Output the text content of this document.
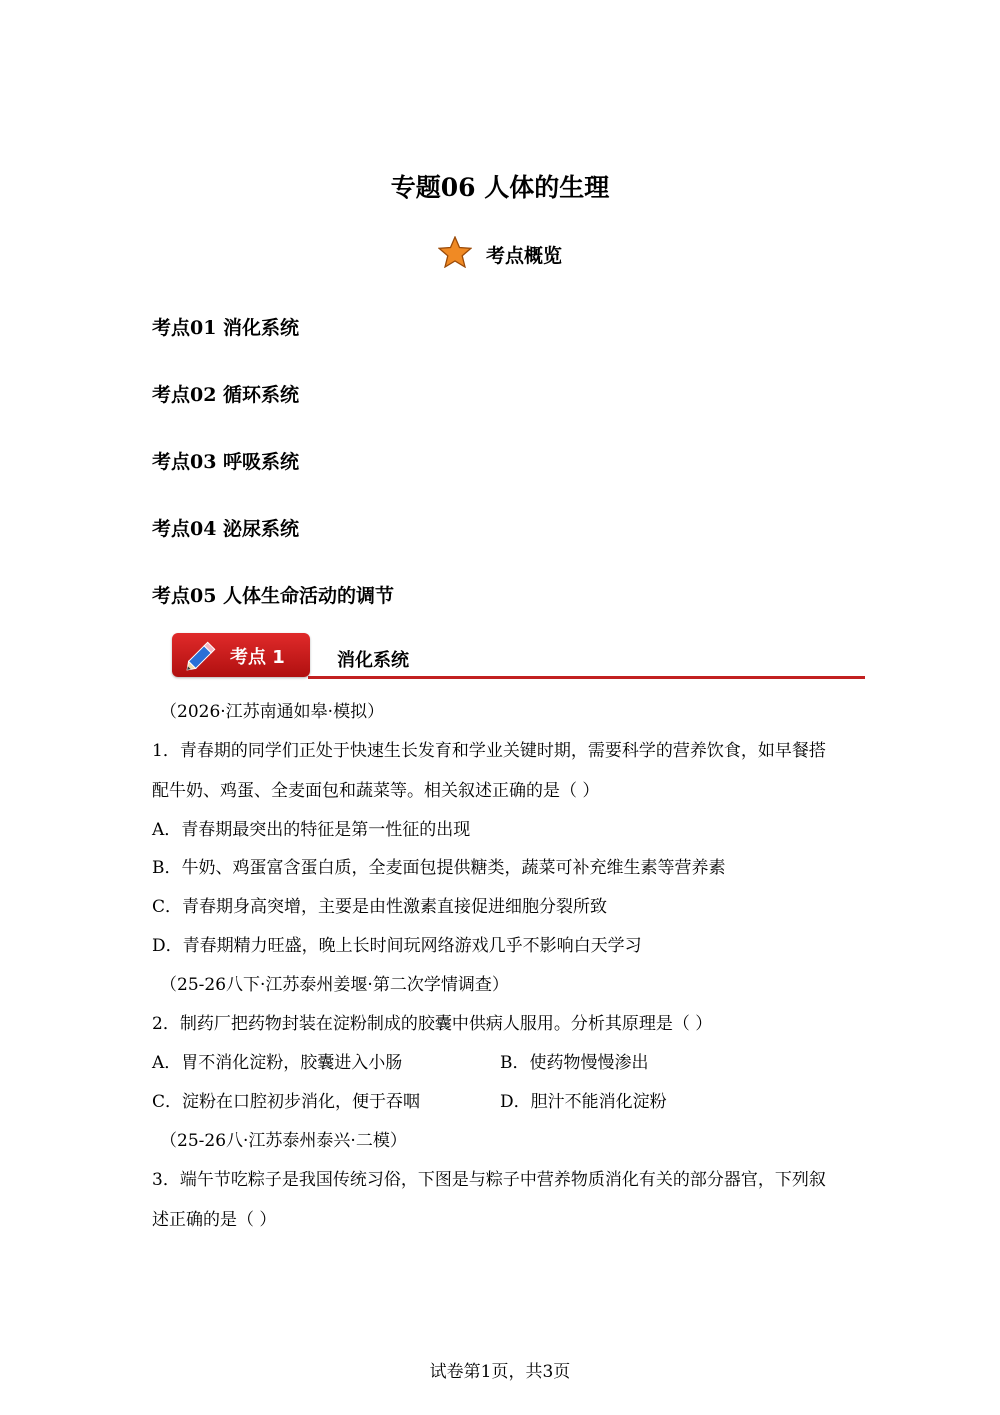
专题06 人体的生理
考点概览
考点01 消化系统
考点02 循环系统
考点03 呼吸系统
考点04 泌尿系统
考点05 人体生命活动的调节
考点 1	消化系统
（2026·江苏南通如皋·模拟）
1．青春期的同学们正处于快速生长发育和学业关键时期，需要科学的营养饮食，如早餐搭
配牛奶、鸡蛋、全麦面包和蔬菜等。相关叙述正确的是（ ）
A．青春期最突出的特征是第一性征的出现
B．牛奶、鸡蛋富含蛋白质，全麦面包提供糖类，蔬菜可补充维生素等营养素
C．青春期身高突增，主要是由性激素直接促进细胞分裂所致
D．青春期精力旺盛，晚上长时间玩网络游戏几乎不影响白天学习
（25-26八下·江苏泰州姜堰·第二次学情调查）
2．制药厂把药物封装在淀粉制成的胶囊中供病人服用。分析其原理是（ ）
A．胃不消化淀粉，胶囊进入小肠	B．使药物慢慢渗出
C．淀粉在口腔初步消化，便于吞咽	D．胆汁不能消化淀粉
（25-26八·江苏泰州泰兴·二模）
3．端午节吃粽子是我国传统习俗，下图是与粽子中营养物质消化有关的部分器官，下列叙
述正确的是（ ）
试卷第1页，共3页
